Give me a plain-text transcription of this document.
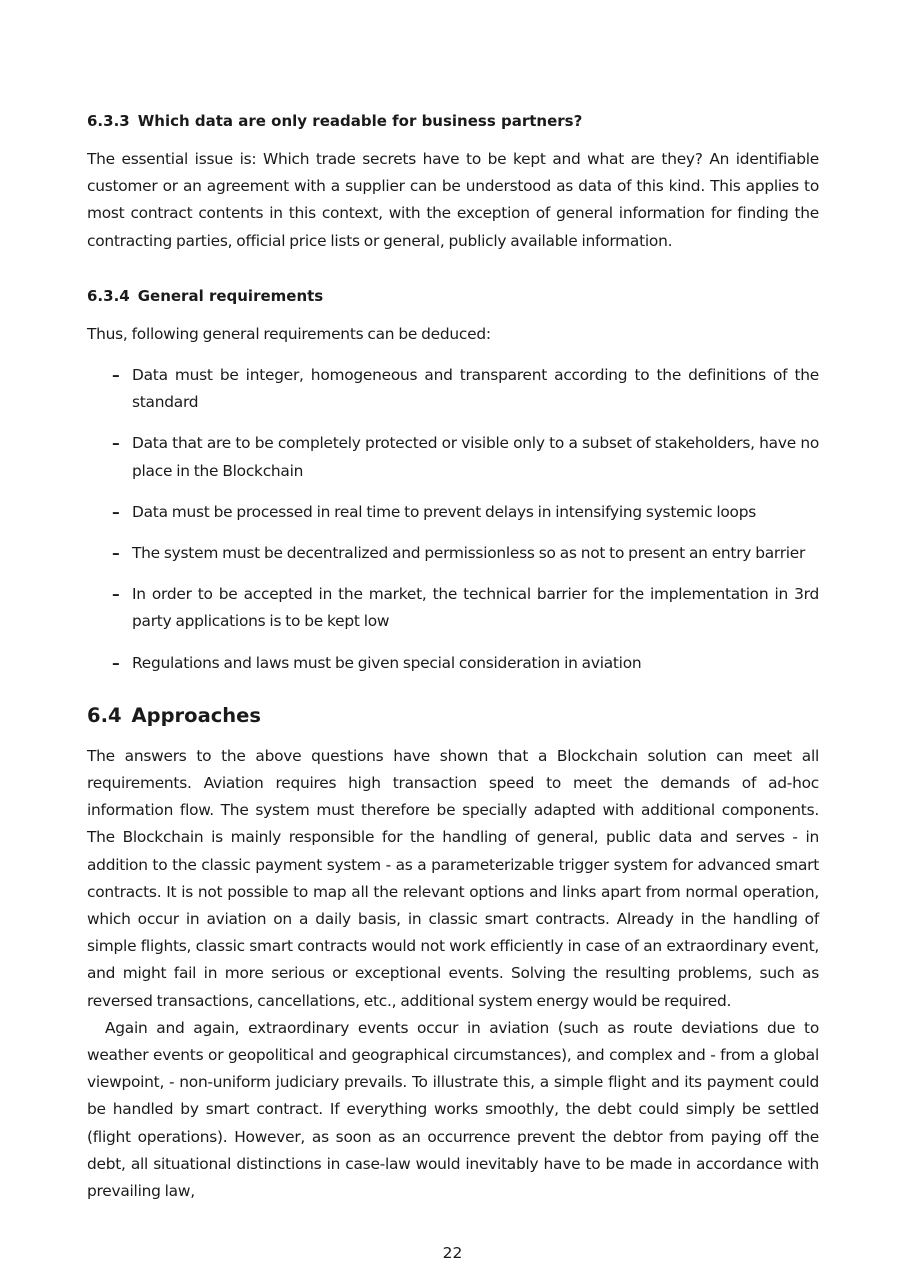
6.3.3 Which data are only readable for business partners?

The essential issue is: Which trade secrets have to be kept and what are they? An identifiable customer or an agreement with a supplier can be understood as data of this kind. This applies to most contract contents in this context, with the exception of general information for finding the contracting parties, official price lists or general, publicly available information.

6.3.4 General requirements

Thus, following general requirements can be deduced:

– Data must be integer, homogeneous and transparent according to the definitions of the standard
– Data that are to be completely protected or visible only to a subset of stakeholders, have no place in the Blockchain
– Data must be processed in real time to prevent delays in intensifying systemic loops
– The system must be decentralized and permissionless so as not to present an entry barrier
– In order to be accepted in the market, the technical barrier for the implementation in 3rd party applications is to be kept low
– Regulations and laws must be given special consideration in aviation
6.4 Approaches

The answers to the above questions have shown that a Blockchain solution can meet all requirements. Aviation requires high transaction speed to meet the demands of ad-hoc information flow. The system must therefore be specially adapted with additional components. The Blockchain is mainly responsible for the handling of general, public data and serves - in addition to the classic payment system - as a parameterizable trigger system for advanced smart contracts. It is not possible to map all the relevant options and links apart from normal operation, which occur in aviation on a daily basis, in classic smart contracts. Already in the handling of simple flights, classic smart contracts would not work efficiently in case of an extraordinary event, and might fail in more serious or exceptional events. Solving the resulting problems, such as reversed transactions, cancellations, etc., additional system energy would be required.

Again and again, extraordinary events occur in aviation (such as route deviations due to weather events or geopolitical and geographical circumstances), and complex and - from a global viewpoint, - non-uniform judiciary prevails. To illustrate this, a simple flight and its payment could be handled by smart contract. If everything works smoothly, the debt could simply be settled (flight operations). However, as soon as an occurrence prevent the debtor from paying off the debt, all situational distinctions in case-law would inevitably have to be made in accordance with prevailing law,

22
